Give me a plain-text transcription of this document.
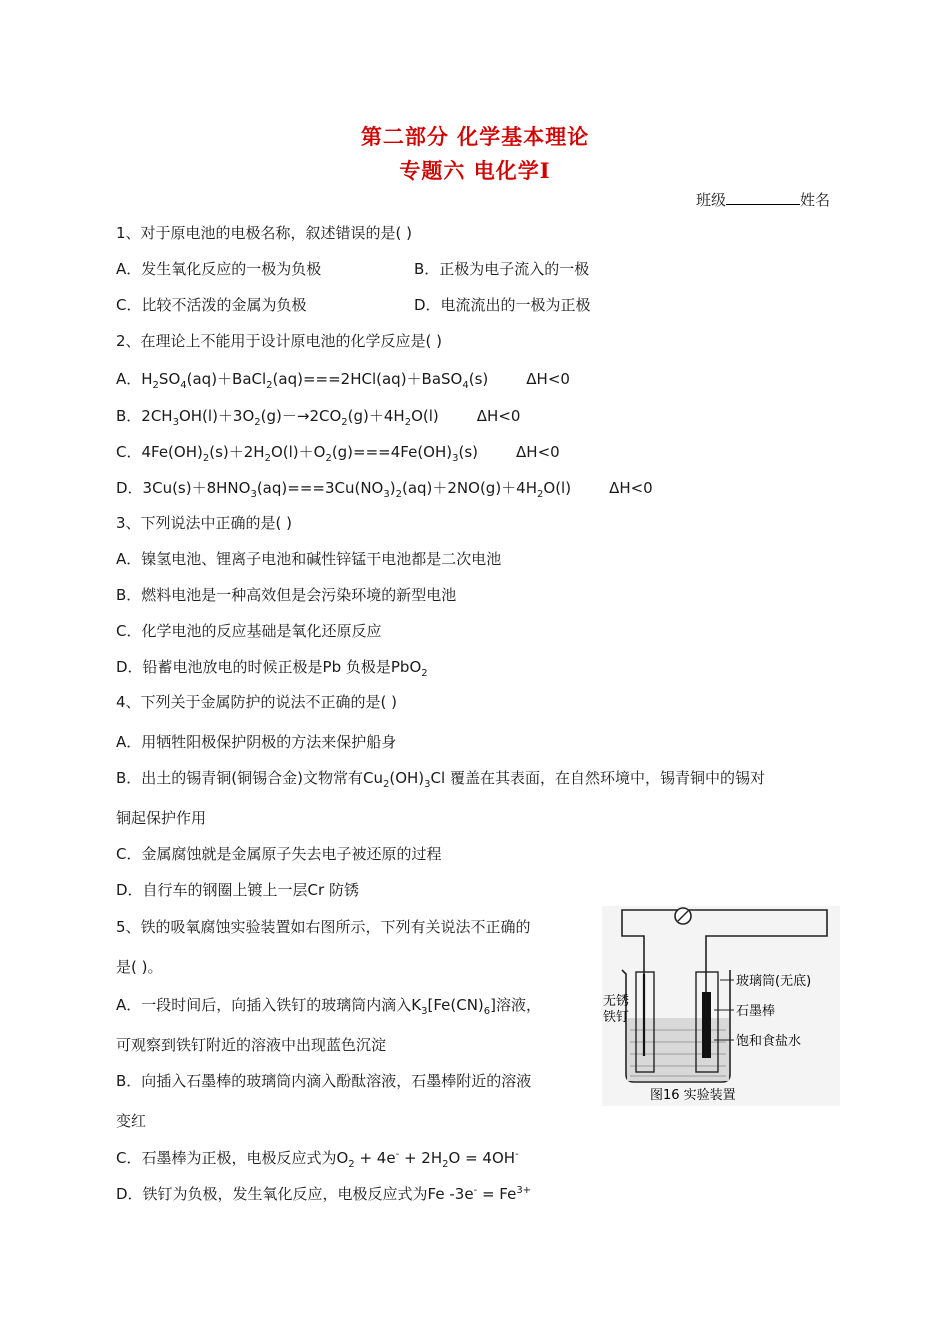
第二部分 化学基本理论
专题六 电化学Ⅰ
班级	姓名
1、对于原电池的电极名称，叙述错误的是( )
A．发生氧化反应的一极为负极	B．正极为电子流入的一极
C．比较不活泼的金属为负极	D．电流流出的一极为正极
2、在理论上不能用于设计原电池的化学反应是( )
A．$H_2SO_4(aq)+BaCl_2(aq)===2HCl(aq)+BaSO_4(s)$	ΔH<0
B．$2CH_3OH(l)+3O_2(g)-\to 2CO_2(g)+4H_2O(l)$	ΔH<0
C．$4Fe(OH)_2(s)+2H_2O(l)+O_2(g)===4Fe(OH)_3(s)$	ΔH<0
D．$3Cu(s)+8HNO_3(aq)===3Cu(NO_3)_2(aq)+2NO(g)+4H_2O(l)$	ΔH<0
3、下列说法中正确的是( )
A．镍氢电池、锂离子电池和碱性锌锰干电池都是二次电池
B．燃料电池是一种高效但是会污染环境的新型电池
C．化学电池的反应基础是氧化还原反应
D．铅蓄电池放电的时候正极是Pb 负极是PbO$_2$
4、下列关于金属防护的说法不正确的是( )
A．用牺牲阳极保护阴极的方法来保护船身
B．出土的锡青铜(铜锡合金)文物常有$Cu_2(OH)_3Cl$ 覆盖在其表面，在自然环境中，锡青铜中的锡对
铜起保护作用
C．金属腐蚀就是金属原子失去电子被还原的过程
D．自行车的钢圈上镀上一层Cr 防锈
5、铁的吸氧腐蚀实验装置如右图所示，下列有关说法不正确的
是( )。
A．一段时间后，向插入铁钉的玻璃筒内滴入$K_3[Fe(CN)_6]$溶液，
可观察到铁钉附近的溶液中出现蓝色沉淀
B．向插入石墨棒的玻璃筒内滴入酚酞溶液，石墨棒附近的溶液
变红
C．石墨棒为正极，电极反应式为$O_2 + 4e^- + 2H_2O = 4OH^-$
D．铁钉为负极，发生氧化反应，电极反应式为Fe $-3e^- = Fe^{3+}$
玻璃筒(无底)
石墨棒
饱和食盐水
无锈
铁钉
图16 实验装置
